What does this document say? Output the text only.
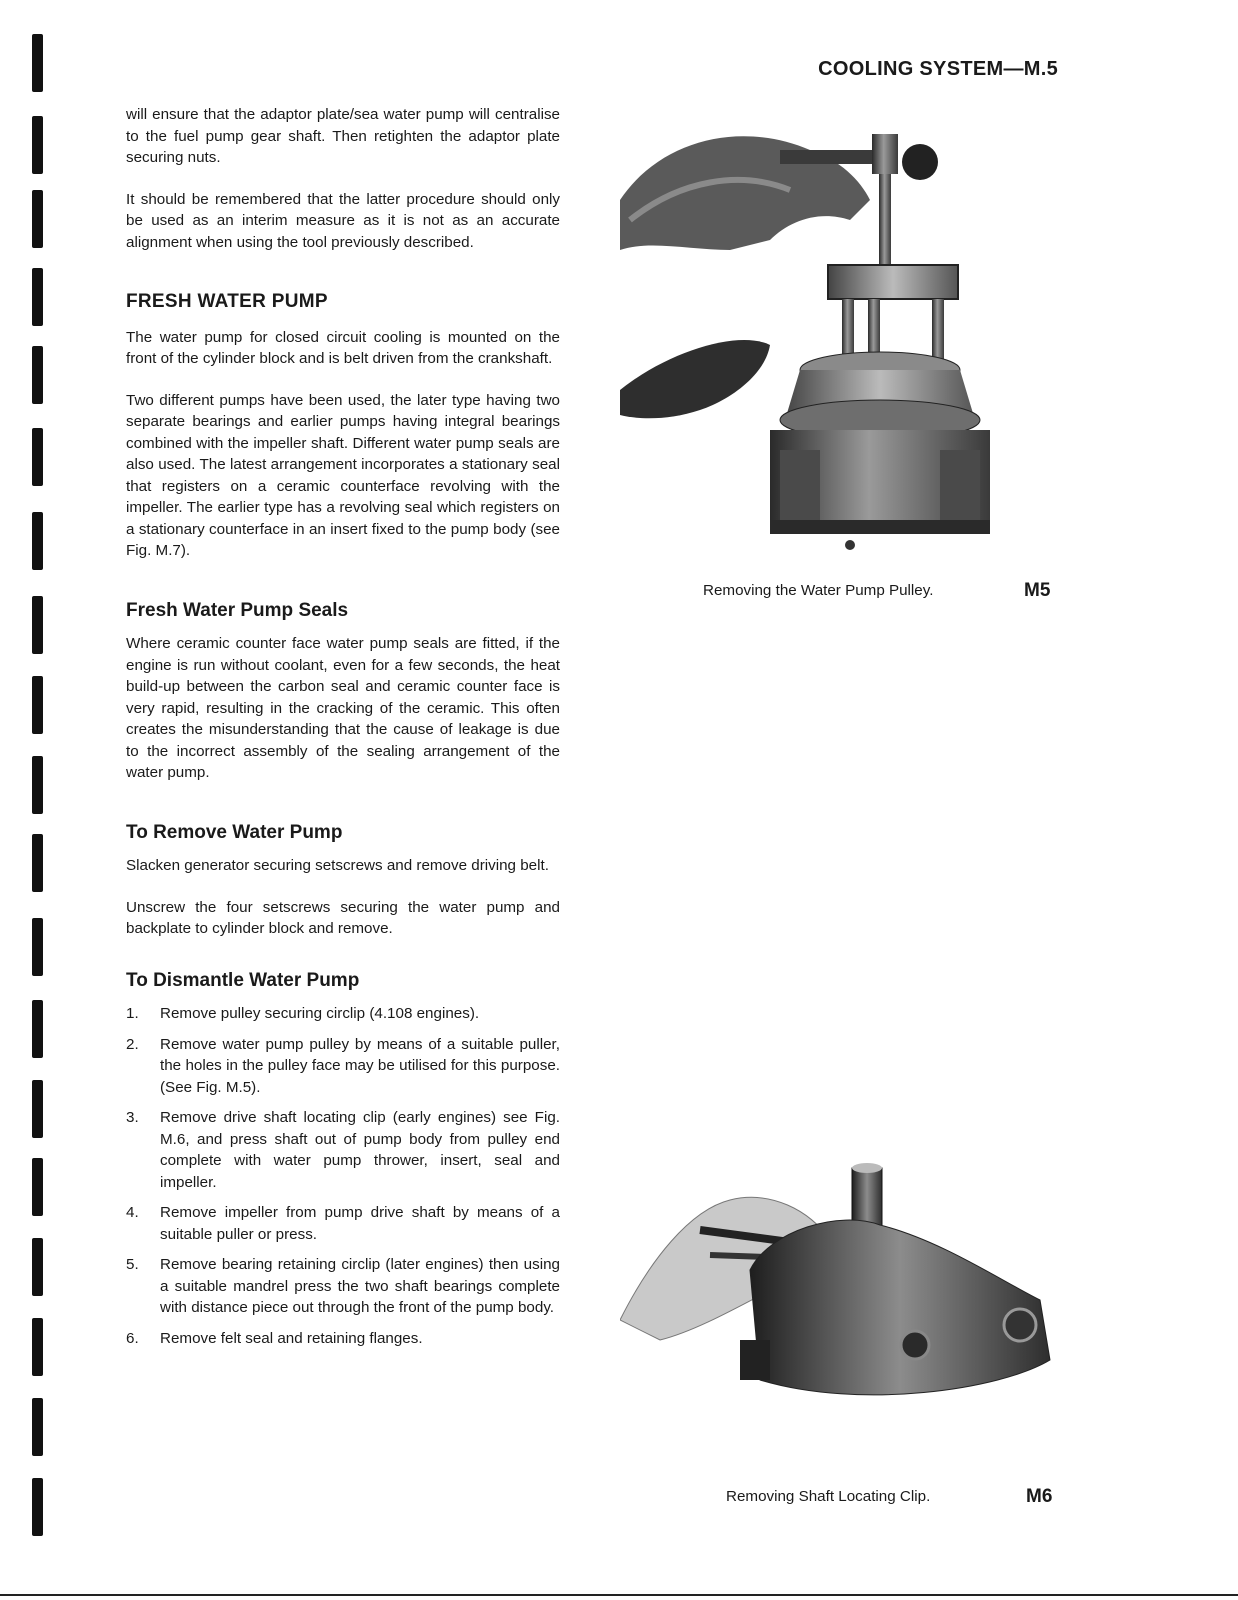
COOLING SYSTEM—M.5

will ensure that the adaptor plate/sea water pump will centralise to the fuel pump gear shaft. Then retighten the adaptor plate securing nuts.

It should be remembered that the latter procedure should only be used as an interim measure as it is not as an accurate alignment when using the tool previously described.

FRESH WATER PUMP

The water pump for closed circuit cooling is mounted on the front of the cylinder block and is belt driven from the crankshaft.

Two different pumps have been used, the later type having two separate bearings and earlier pumps having integral bearings combined with the impeller shaft. Different water pump seals are also used. The latest arrangement incorporates a stationary seal that registers on a ceramic counterface revolving with the impeller. The earlier type has a revolving seal which registers on a stationary counterface in an insert fixed to the pump body (see Fig. M.7).

Fresh Water Pump Seals

Where ceramic counter face water pump seals are fitted, if the engine is run without coolant, even for a few seconds, the heat build-up between the carbon seal and ceramic counter face is very rapid, resulting in the cracking of the ceramic. This often creates the misunderstanding that the cause of leakage is due to the incorrect assembly of the sealing arrangement of the water pump.

To Remove Water Pump

Slacken generator securing setscrews and remove driving belt.

Unscrew the four setscrews securing the water pump and backplate to cylinder block and remove.

To Dismantle Water Pump
1.	Remove pulley securing circlip (4.108 engines).
2.	Remove water pump pulley by means of a suitable puller, the holes in the pulley face may be utilised for this purpose. (See Fig. M.5).
3.	Remove drive shaft locating clip (early engines) see Fig. M.6, and press shaft out of pump body from pulley end complete with water pump thrower, insert, seal and impeller.
4.	Remove impeller from pump drive shaft by means of a suitable puller or press.
5.	Remove bearing retaining circlip (later engines) then using a suitable mandrel press the two shaft bearings complete with distance piece out through the front of the pump body.
6.	Remove felt seal and retaining flanges.
Removing the Water Pump Pulley.	M5
Removing Shaft Locating Clip.	M6
